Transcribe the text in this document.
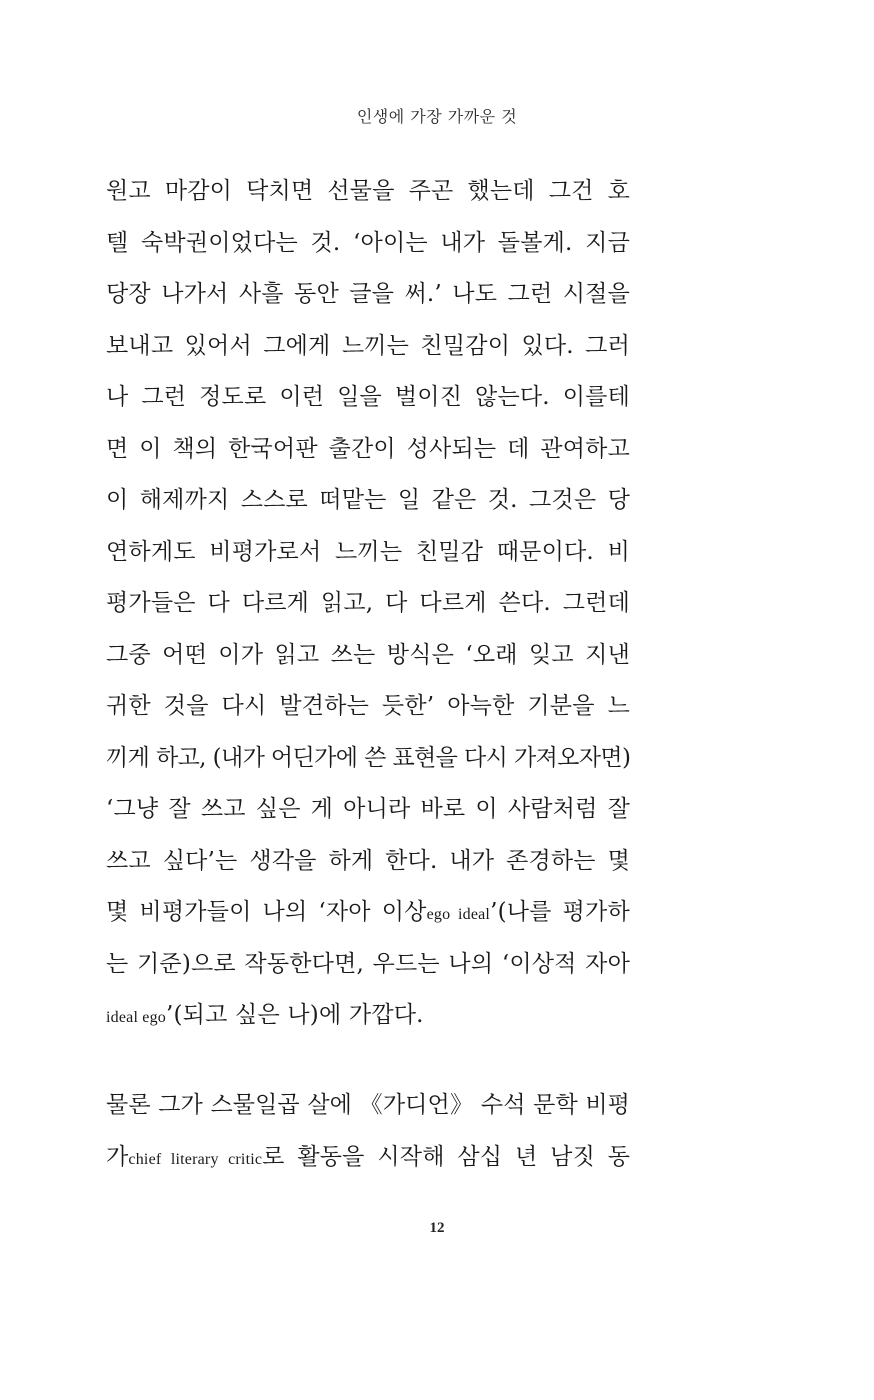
인생에 가장 가까운 것
원고 마감이 닥치면 선물을 주곤 했는데 그건 호
텔 숙박권이었다는 것. ‘아이는 내가 돌볼게. 지금
당장 나가서 사흘 동안 글을 써.’ 나도 그런 시절을
보내고 있어서 그에게 느끼는 친밀감이 있다. 그러
나 그런 정도로 이런 일을 벌이진 않는다. 이를테
면 이 책의 한국어판 출간이 성사되는 데 관여하고
이 해제까지 스스로 떠맡는 일 같은 것. 그것은 당
연하게도 비평가로서 느끼는 친밀감 때문이다. 비
평가들은 다 다르게 읽고, 다 다르게 쓴다. 그런데
그중 어떤 이가 읽고 쓰는 방식은 ‘오래 잊고 지낸
귀한 것을 다시 발견하는 듯한’ 아늑한 기분을 느
끼게 하고, (내가 어딘가에 쓴 표현을 다시 가져오자면)
‘그냥 잘 쓰고 싶은 게 아니라 바로 이 사람처럼 잘
쓰고 싶다’는 생각을 하게 한다. 내가 존경하는 몇
몇 비평가들이 나의 ‘자아 이상ego ideal’(나를 평가하
는 기준)으로 작동한다면, 우드는 나의 ‘이상적 자아
ideal ego’(되고 싶은 나)에 가깝다.
물론 그가 스물일곱 살에 《가디언》 수석 문학 비평
가chief literary critic로 활동을 시작해 삼십 년 남짓 동
12
